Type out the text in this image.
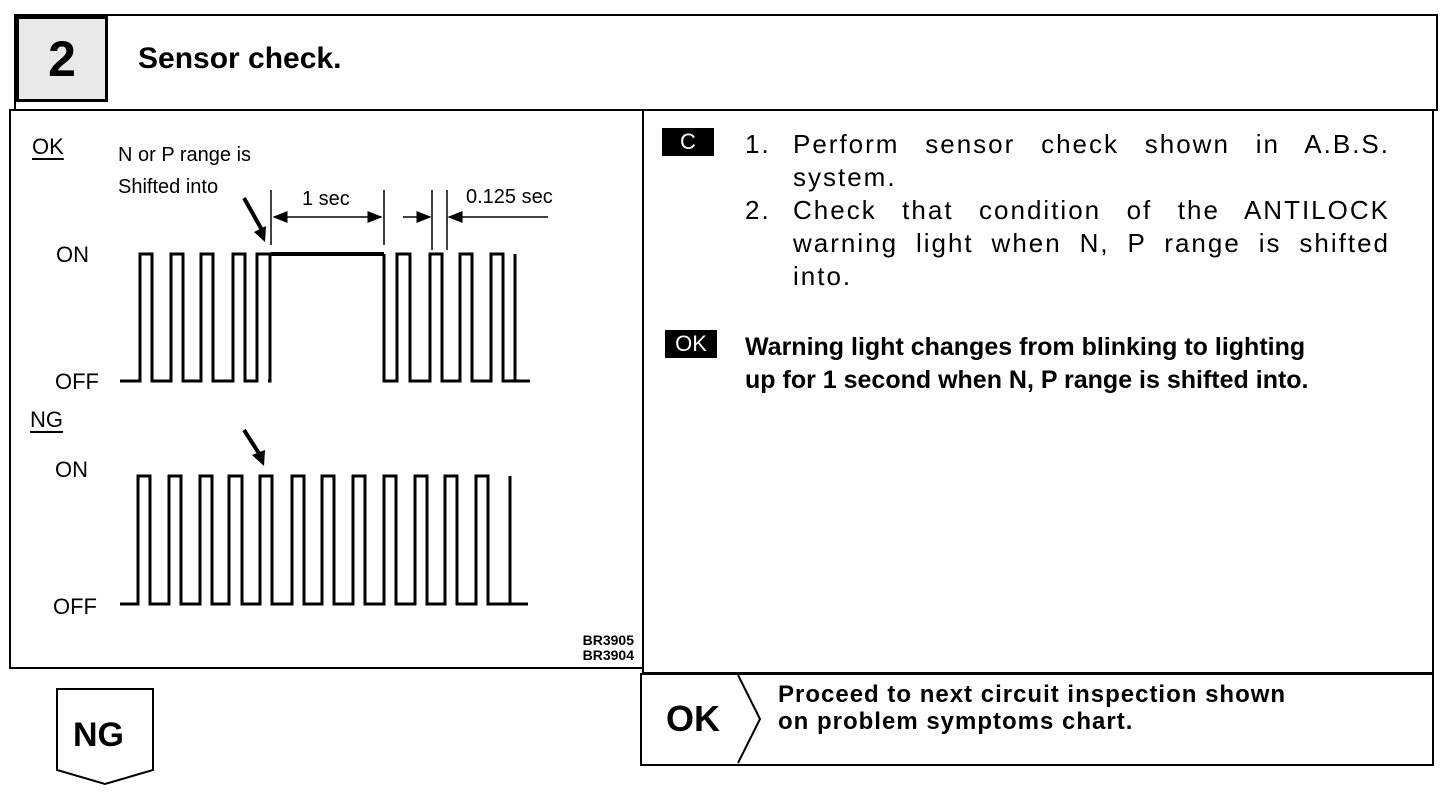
2	Sensor check.
OK	N or P range is
Shifted into
1 sec	0.125 sec
ON
OFF
NG
ON
OFF
BR3905
BR3904
C	1. Perform sensor check shown in A.B.S.
system.
2. Check that condition of the ANTILOCK
warning light when N, P range is shifted
into.
OK	Warning light changes from blinking to lighting
up for 1 second when N, P range is shifted into.
OK
Proceed to next circuit inspection shown
on problem symptoms chart.
NG
